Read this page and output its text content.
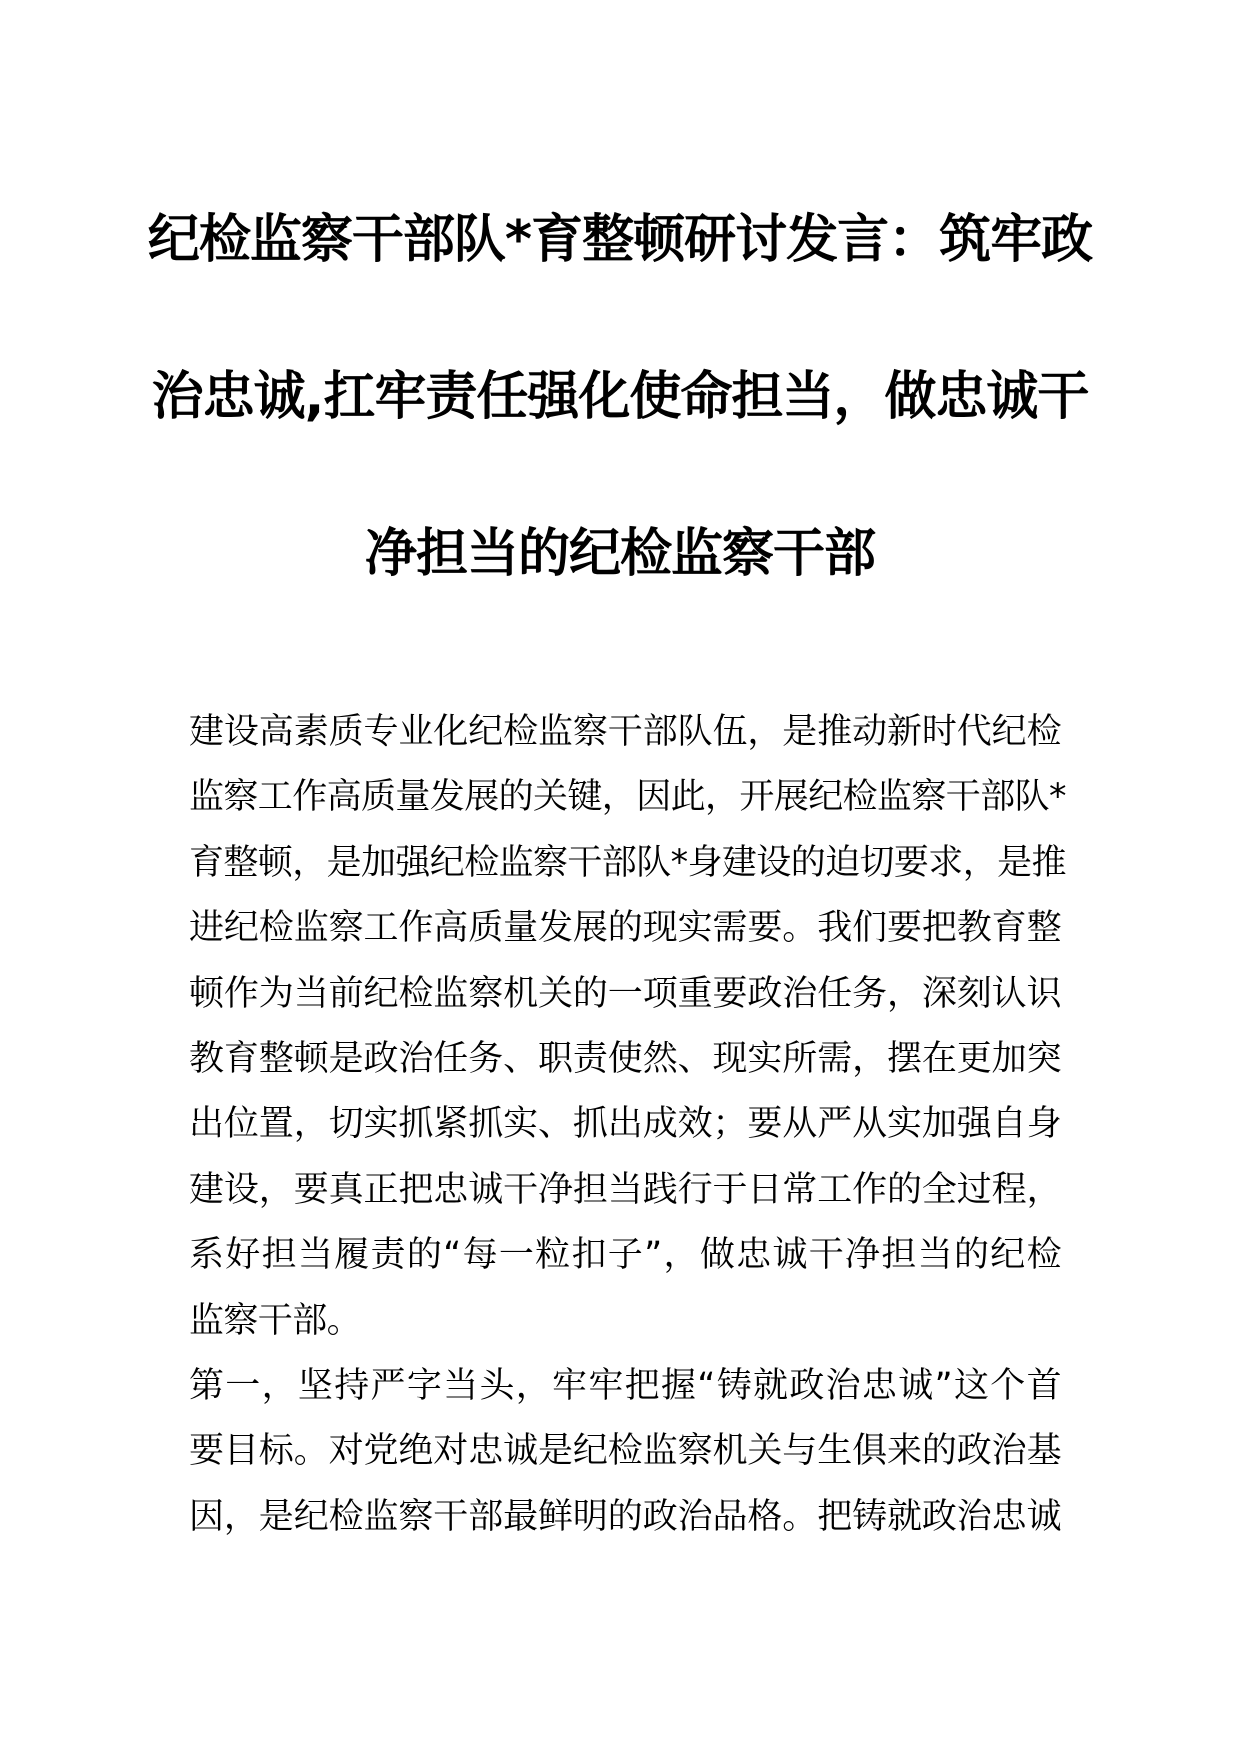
纪检监察干部队*育整顿研讨发言：筑牢政
治忠诚,扛牢责任强化使命担当，做忠诚干
净担当的纪检监察干部
建设高素质专业化纪检监察干部队伍，是推动新时代纪检
监察工作高质量发展的关键，因此，开展纪检监察干部队*
育整顿，是加强纪检监察干部队*身建设的迫切要求，是推
进纪检监察工作高质量发展的现实需要。我们要把教育整
顿作为当前纪检监察机关的一项重要政治任务，深刻认识
教育整顿是政治任务、职责使然、现实所需，摆在更加突
出位置，切实抓紧抓实、抓出成效；要从严从实加强自身
建设，要真正把忠诚干净担当践行于日常工作的全过程，
系好担当履责的“每一粒扣子”，做忠诚干净担当的纪检
监察干部。
第一，坚持严字当头，牢牢把握“铸就政治忠诚”这个首
要目标。对党绝对忠诚是纪检监察机关与生俱来的政治基
因，是纪检监察干部最鲜明的政治品格。把铸就政治忠诚
